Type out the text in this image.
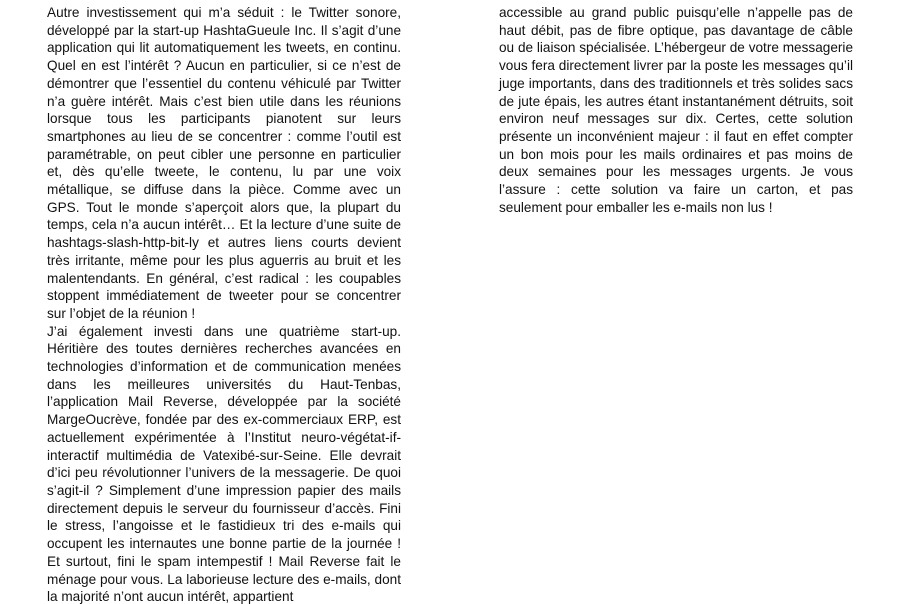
Autre investissement qui m’a séduit : le Twitter sonore, développé par la start-up HashtaGueule Inc. Il s’agit d’une application qui lit automatiquement les tweets, en continu. Quel en est l’intérêt ? Aucun en particulier, si ce n’est de démontrer que l’essentiel du contenu véhiculé par Twitter n’a guère intérêt. Mais c’est bien utile dans les réunions lorsque tous les participants pianotent sur leurs smartphones au lieu de se concentrer : comme l’outil est paramétrable, on peut cibler une personne en particulier et, dès qu’elle tweete, le contenu, lu par une voix métallique, se diffuse dans la pièce. Comme avec un GPS. Tout le monde s’aperçoit alors que, la plupart du temps, cela n’a aucun intérêt… Et la lecture d’une suite de hashtags-slash-http-bit-ly et autres liens courts devient très irritante, même pour les plus aguerris au bruit et les malentendants. En général, c’est radical : les coupables stoppent immédiatement de tweeter pour se concentrer sur l’objet de la réunion !

J’ai également investi dans une quatrième start-up. Héritière des toutes dernières recherches avancées en technologies d’information et de communication menées dans les meilleures universités du Haut-Tenbas, l’application Mail Reverse, développée par la société MargeOucrève, fondée par des ex-commerciaux ERP, est actuellement expérimentée à l’Institut neuro-végétat-if-interactif multimédia de Vatexibé-sur-Seine. Elle devrait d’ici peu révolutionner l’univers de la messagerie. De quoi s’agit-il ? Simplement d’une impression papier des mails directement depuis le serveur du fournisseur d’accès. Fini le stress, l’angoisse et le fastidieux tri des e-mails qui occupent les internautes une bonne partie de la journée ! Et surtout, fini le spam intempestif ! Mail Reverse fait le ménage pour vous. La laborieuse lecture des e-mails, dont la majorité n’ont aucun intérêt, appartient

accessible au grand public puisqu’elle n’appelle pas de haut débit, pas de fibre optique, pas davantage de câble ou de liaison spécialisée. L’hébergeur de votre messagerie vous fera directement livrer par la poste les messages qu’il juge importants, dans des traditionnels et très solides sacs de jute épais, les autres étant instantanément détruits, soit environ neuf messages sur dix. Certes, cette solution présente un inconvénient majeur : il faut en effet compter un bon mois pour les mails ordinaires et pas moins de deux semaines pour les messages urgents. Je vous l’assure : cette solution va faire un carton, et pas seulement pour emballer les e-mails non lus !
